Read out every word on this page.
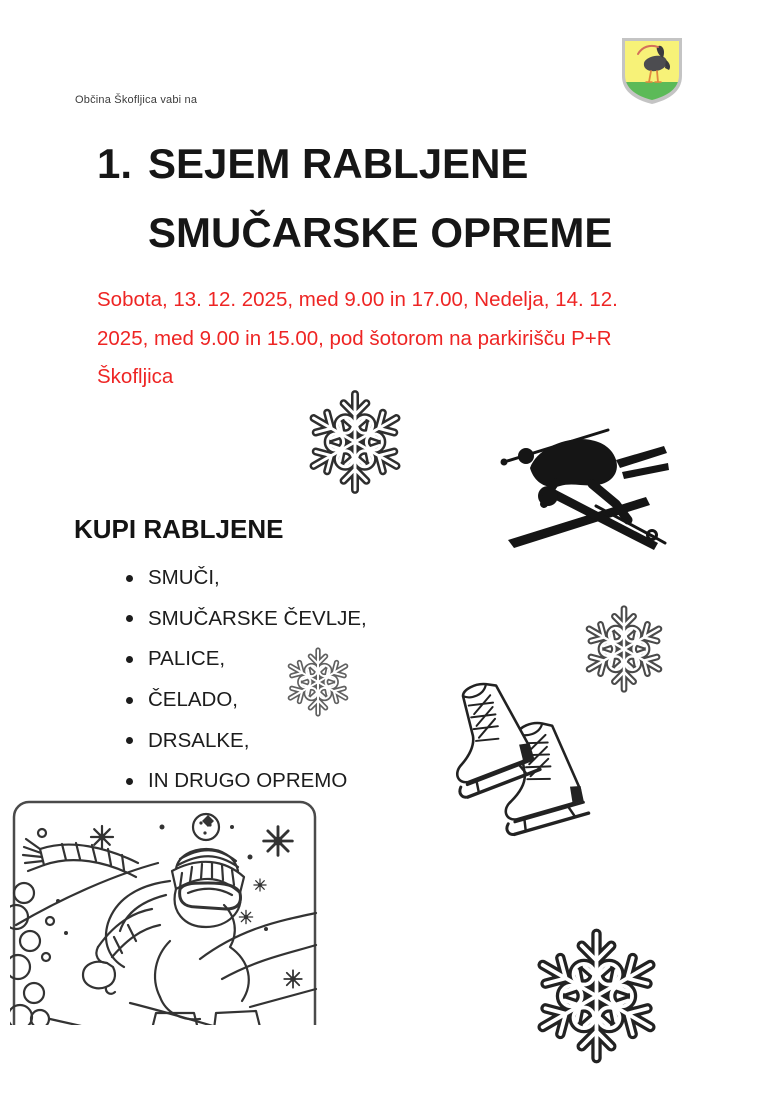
Občina Škofljica vabi na
1. SEJEM RABLJENE
SMUČARSKE OPREME
Sobota, 13. 12. 2025, med 9.00 in 17.00, Nedelja, 14. 12.
2025, med 9.00 in 15.00, pod šotorom na parkirišču P+R
Škofljica
KUPI RABLJENE
SMUČI,
SMUČARSKE ČEVLJE,
PALICE,
ČELADO,
DRSALKE,
IN DRUGO OPREMO
